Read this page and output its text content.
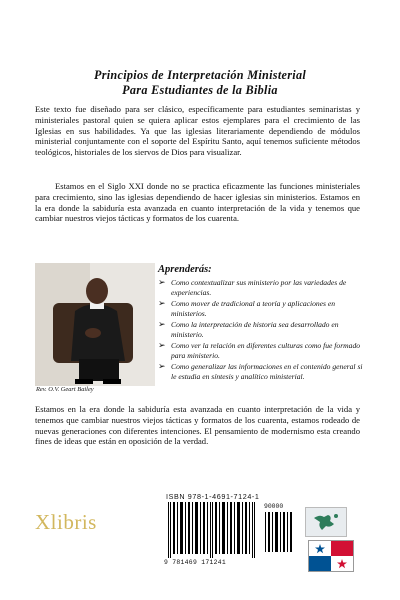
Principios de Interpretación Ministerial
Para Estudiantes de la Biblia

Este texto fue diseñado para ser clásico, específicamente para estudiantes seminaristas y ministeriales pastoral quien se quiera aplicar estos ejemplares para el crecimiento de las Iglesias en sus habilidades. Ya que las iglesias literariamente dependiendo de módulos ministerial conjuntamente con el soporte del Espíritu Santo, aquí tenemos suficiente métodos teológicos, historiales de los siervos de Dios para visualizar.

Estamos en el Siglo XXI donde no se practica eficazmente las funciones ministeriales para crecimiento, sino las iglesias dependiendo de hacer iglesias sin ministerios. Estamos en la era donde la sabiduría esta avanzada en cuanto interpretación de la vida y tenemos que cambiar nuestros viejos tácticas y formatos de los cuarenta.

Rev. O.V. Geart Bailey
Aprenderás:
➢ Como contextualizar sus ministerio por las variedades de experiencias.
➢ Como mover de tradicional a teoría y aplicaciones en ministerios.
➢ Como la interpretación de historia sea desarrollado en ministerio.
➢ Como ver la relación en diferentes culturas como fue formado para ministerio.
➢ Como generalizar las informaciones en el contenido general si le estudia en síntesis y analítico ministerial.

Estamos en la era donde la sabiduría esta avanzada en cuanto interpretación de la vida y tenemos que cambiar nuestros viejos tácticas y formatos de los cuarenta, estamos rodeado de nuevas generaciones con diferentes intenciones. El pensamiento de modernismo esta creando fines de ideas que están en oposición de la verdad.

Xlibris
ISBN 978-1-4691-7124-1
90000
9 781469 171241
